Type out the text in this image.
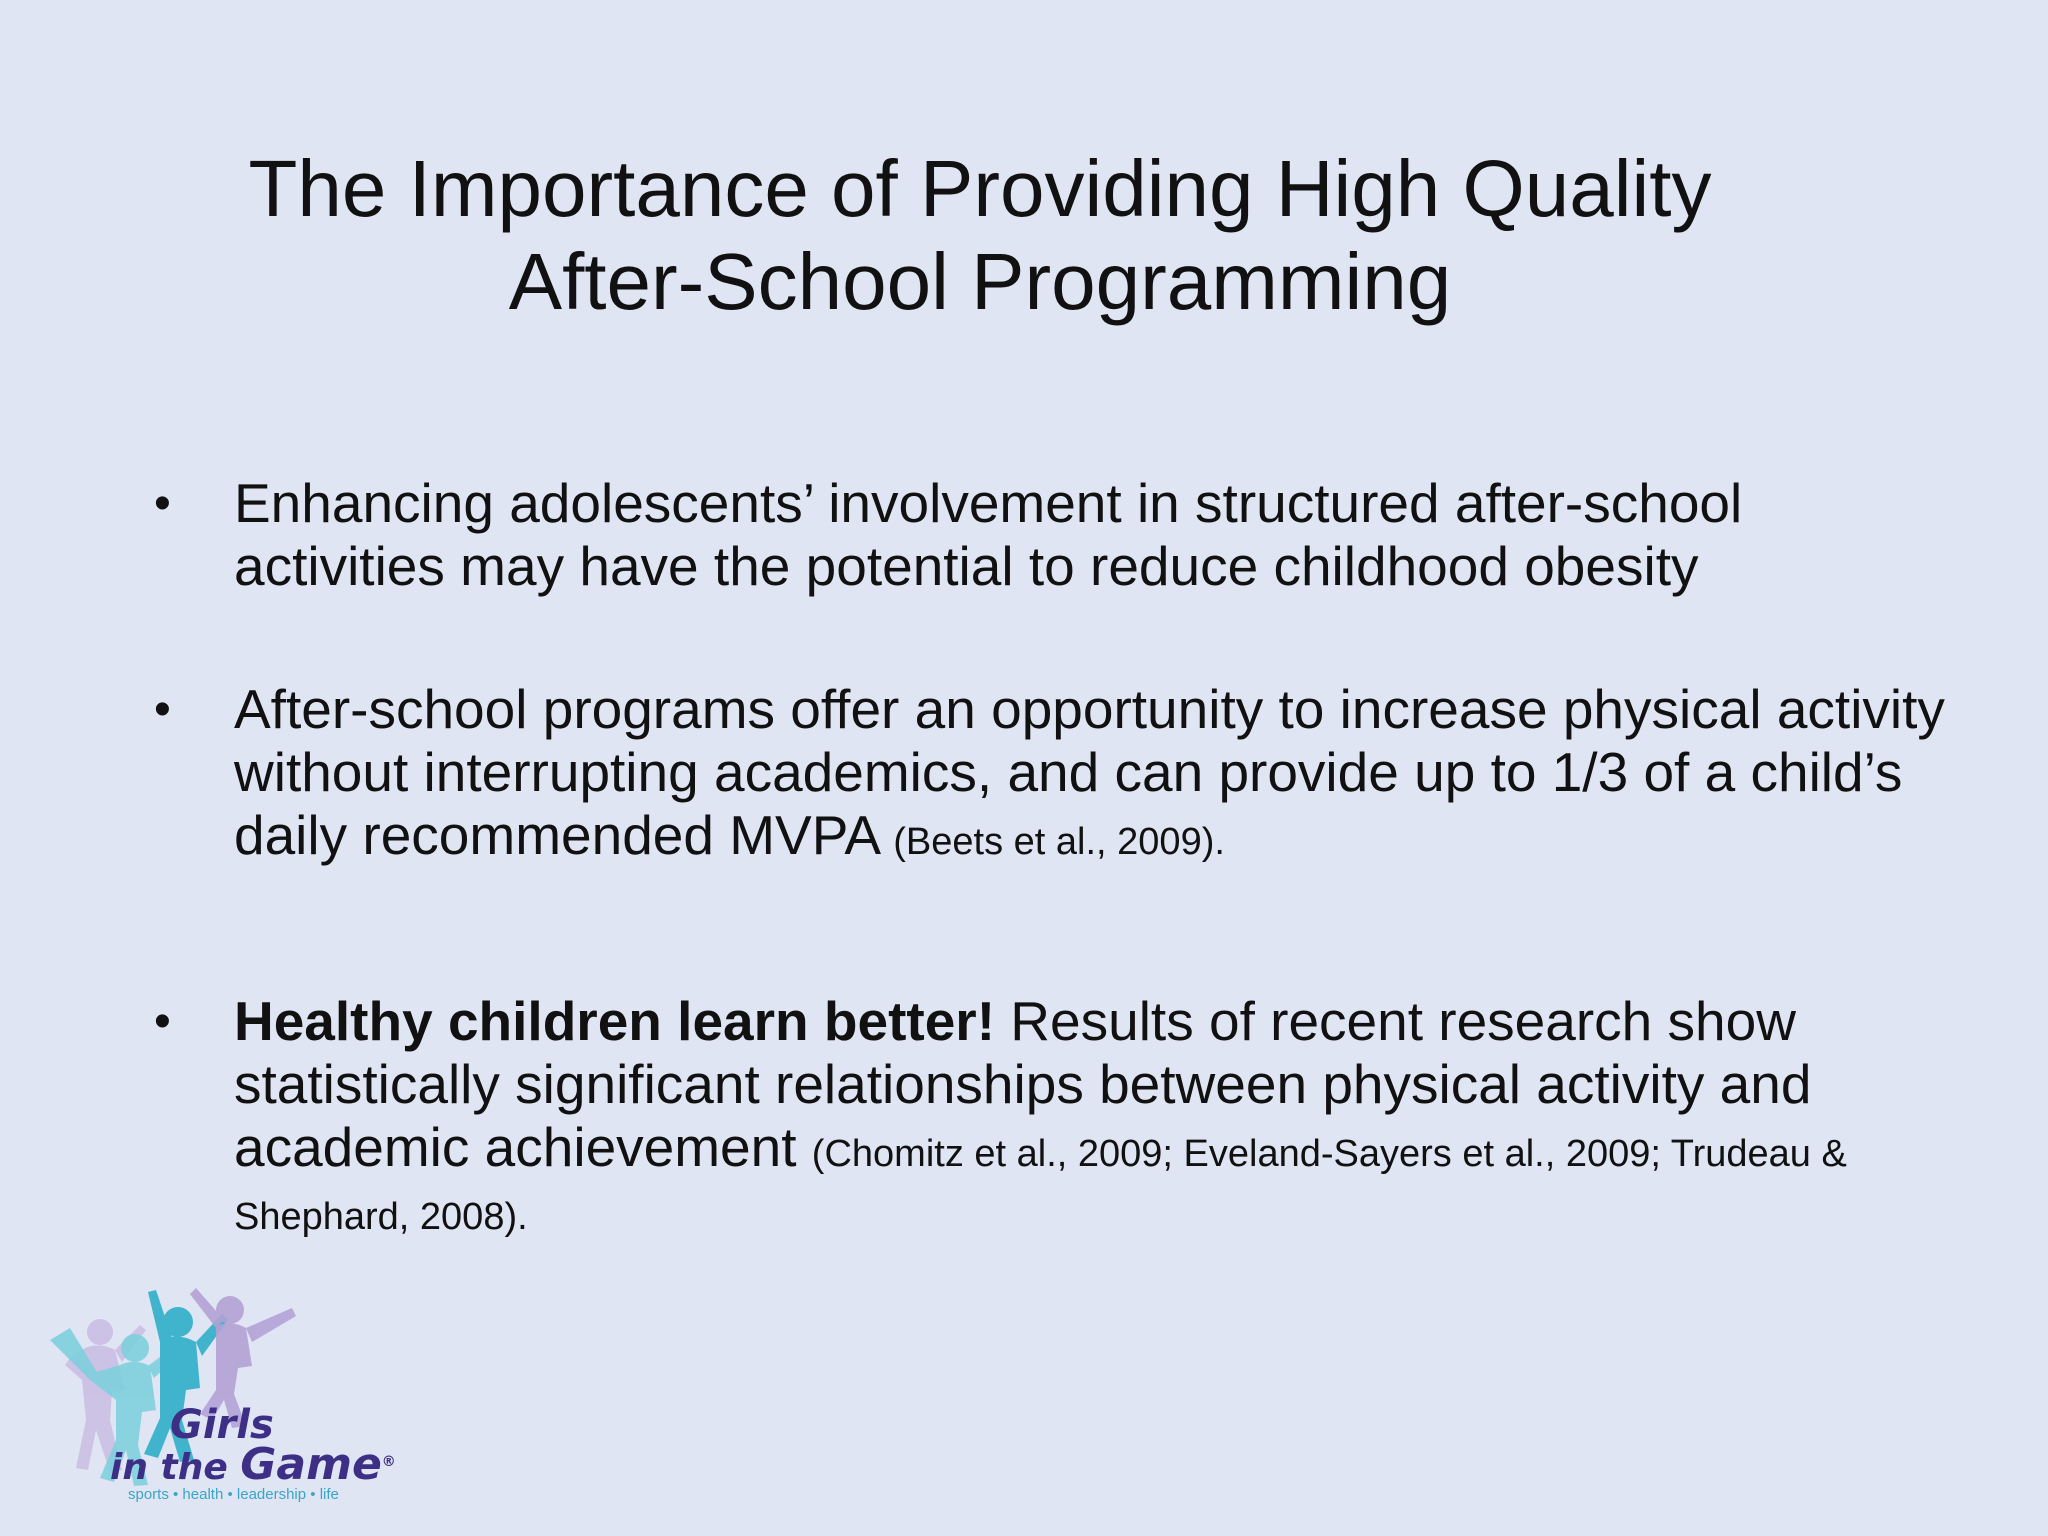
The Importance of Providing High Quality
After-School Programming
• Enhancing adolescents’ involvement in structured after-school activities may have the potential to reduce childhood obesity
• After-school programs offer an opportunity to increase physical activity without interrupting academics, and can provide up to 1/3 of a child’s daily recommended MVPA (Beets et al., 2009).
• Healthy children learn better! Results of recent research show statistically significant relationships between physical activity and academic achievement (Chomitz et al., 2009; Eveland-Sayers et al., 2009; Trudeau & Shephard, 2008).
Girls
in the Game®
sports • health • leadership • life
